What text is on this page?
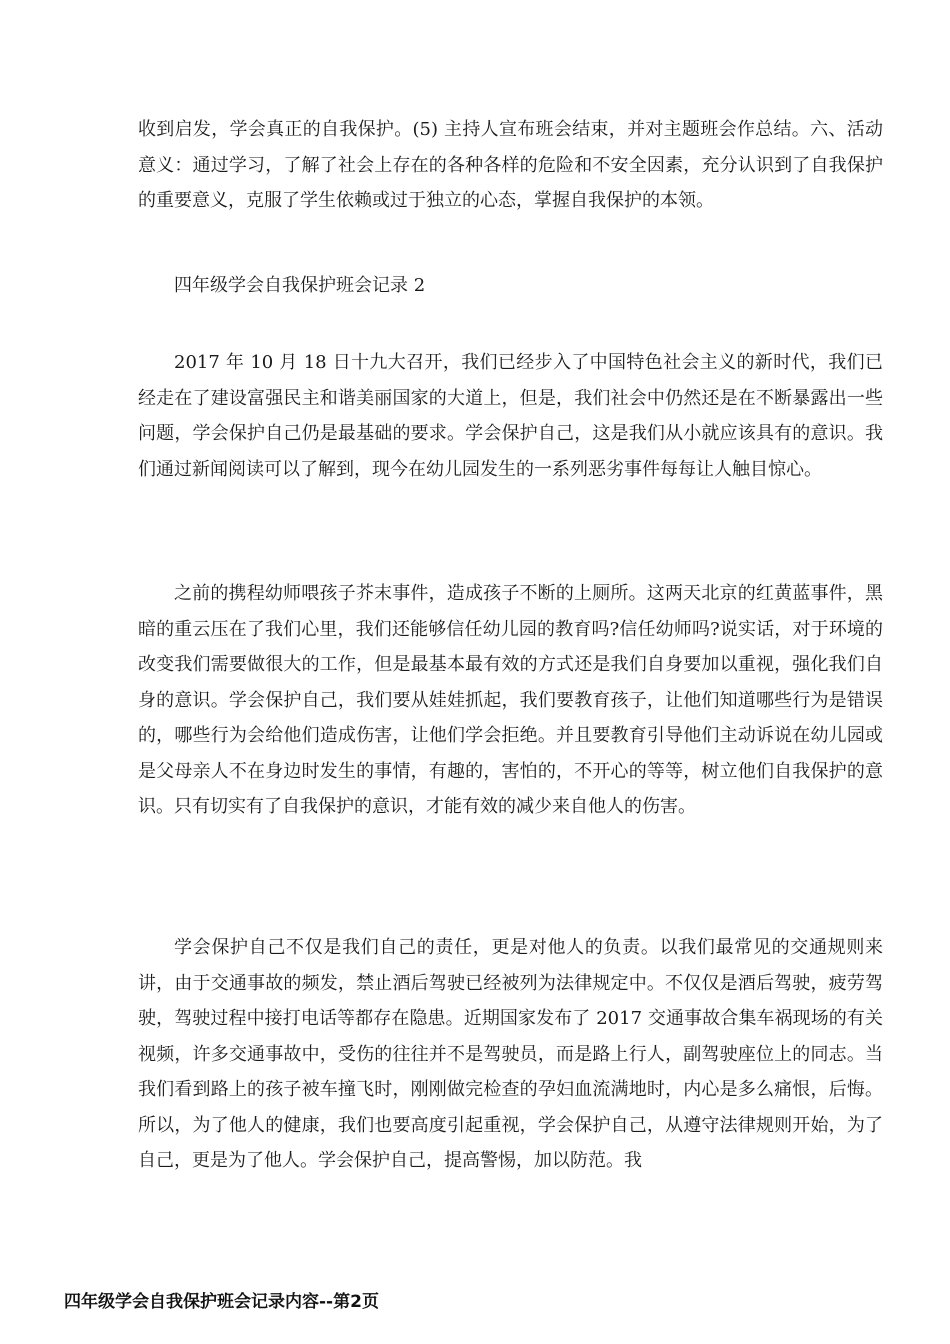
收到启发，学会真正的自我保护。(5) 主持人宣布班会结束，并对主题班会作总结。六、活动意义：通过学习，了解了社会上存在的各种各样的危险和不安全因素，充分认识到了自我保护的重要意义，克服了学生依赖或过于独立的心态，掌握自我保护的本领。

四年级学会自我保护班会记录 2

2017 年 10 月 18 日十九大召开，我们已经步入了中国特色社会主义的新时代，我们已经走在了建设富强民主和谐美丽国家的大道上，但是，我们社会中仍然还是在不断暴露出一些问题，学会保护自己仍是最基础的要求。学会保护自己，这是我们从小就应该具有的意识。我们通过新闻阅读可以了解到，现今在幼儿园发生的一系列恶劣事件每每让人触目惊心。

之前的携程幼师喂孩子芥末事件，造成孩子不断的上厕所。这两天北京的红黄蓝事件，黑暗的重云压在了我们心里，我们还能够信任幼儿园的教育吗?信任幼师吗?说实话，对于环境的改变我们需要做很大的工作，但是最基本最有效的方式还是我们自身要加以重视，强化我们自身的意识。学会保护自己，我们要从娃娃抓起，我们要教育孩子，让他们知道哪些行为是错误的，哪些行为会给他们造成伤害，让他们学会拒绝。并且要教育引导他们主动诉说在幼儿园或是父母亲人不在身边时发生的事情，有趣的，害怕的，不开心的等等，树立他们自我保护的意识。只有切实有了自我保护的意识，才能有效的减少来自他人的伤害。

学会保护自己不仅是我们自己的责任，更是对他人的负责。以我们最常见的交通规则来讲，由于交通事故的频发，禁止酒后驾驶已经被列为法律规定中。不仅仅是酒后驾驶，疲劳驾驶，驾驶过程中接打电话等都存在隐患。近期国家发布了 2017 交通事故合集车祸现场的有关视频，许多交通事故中，受伤的往往并不是驾驶员，而是路上行人，副驾驶座位上的同志。当我们看到路上的孩子被车撞飞时，刚刚做完检查的孕妇血流满地时，内心是多么痛恨，后悔。所以，为了他人的健康，我们也要高度引起重视，学会保护自己，从遵守法律规则开始，为了自己，更是为了他人。学会保护自己，提高警惕，加以防范。我

四年级学会自我保护班会记录内容--第2页
